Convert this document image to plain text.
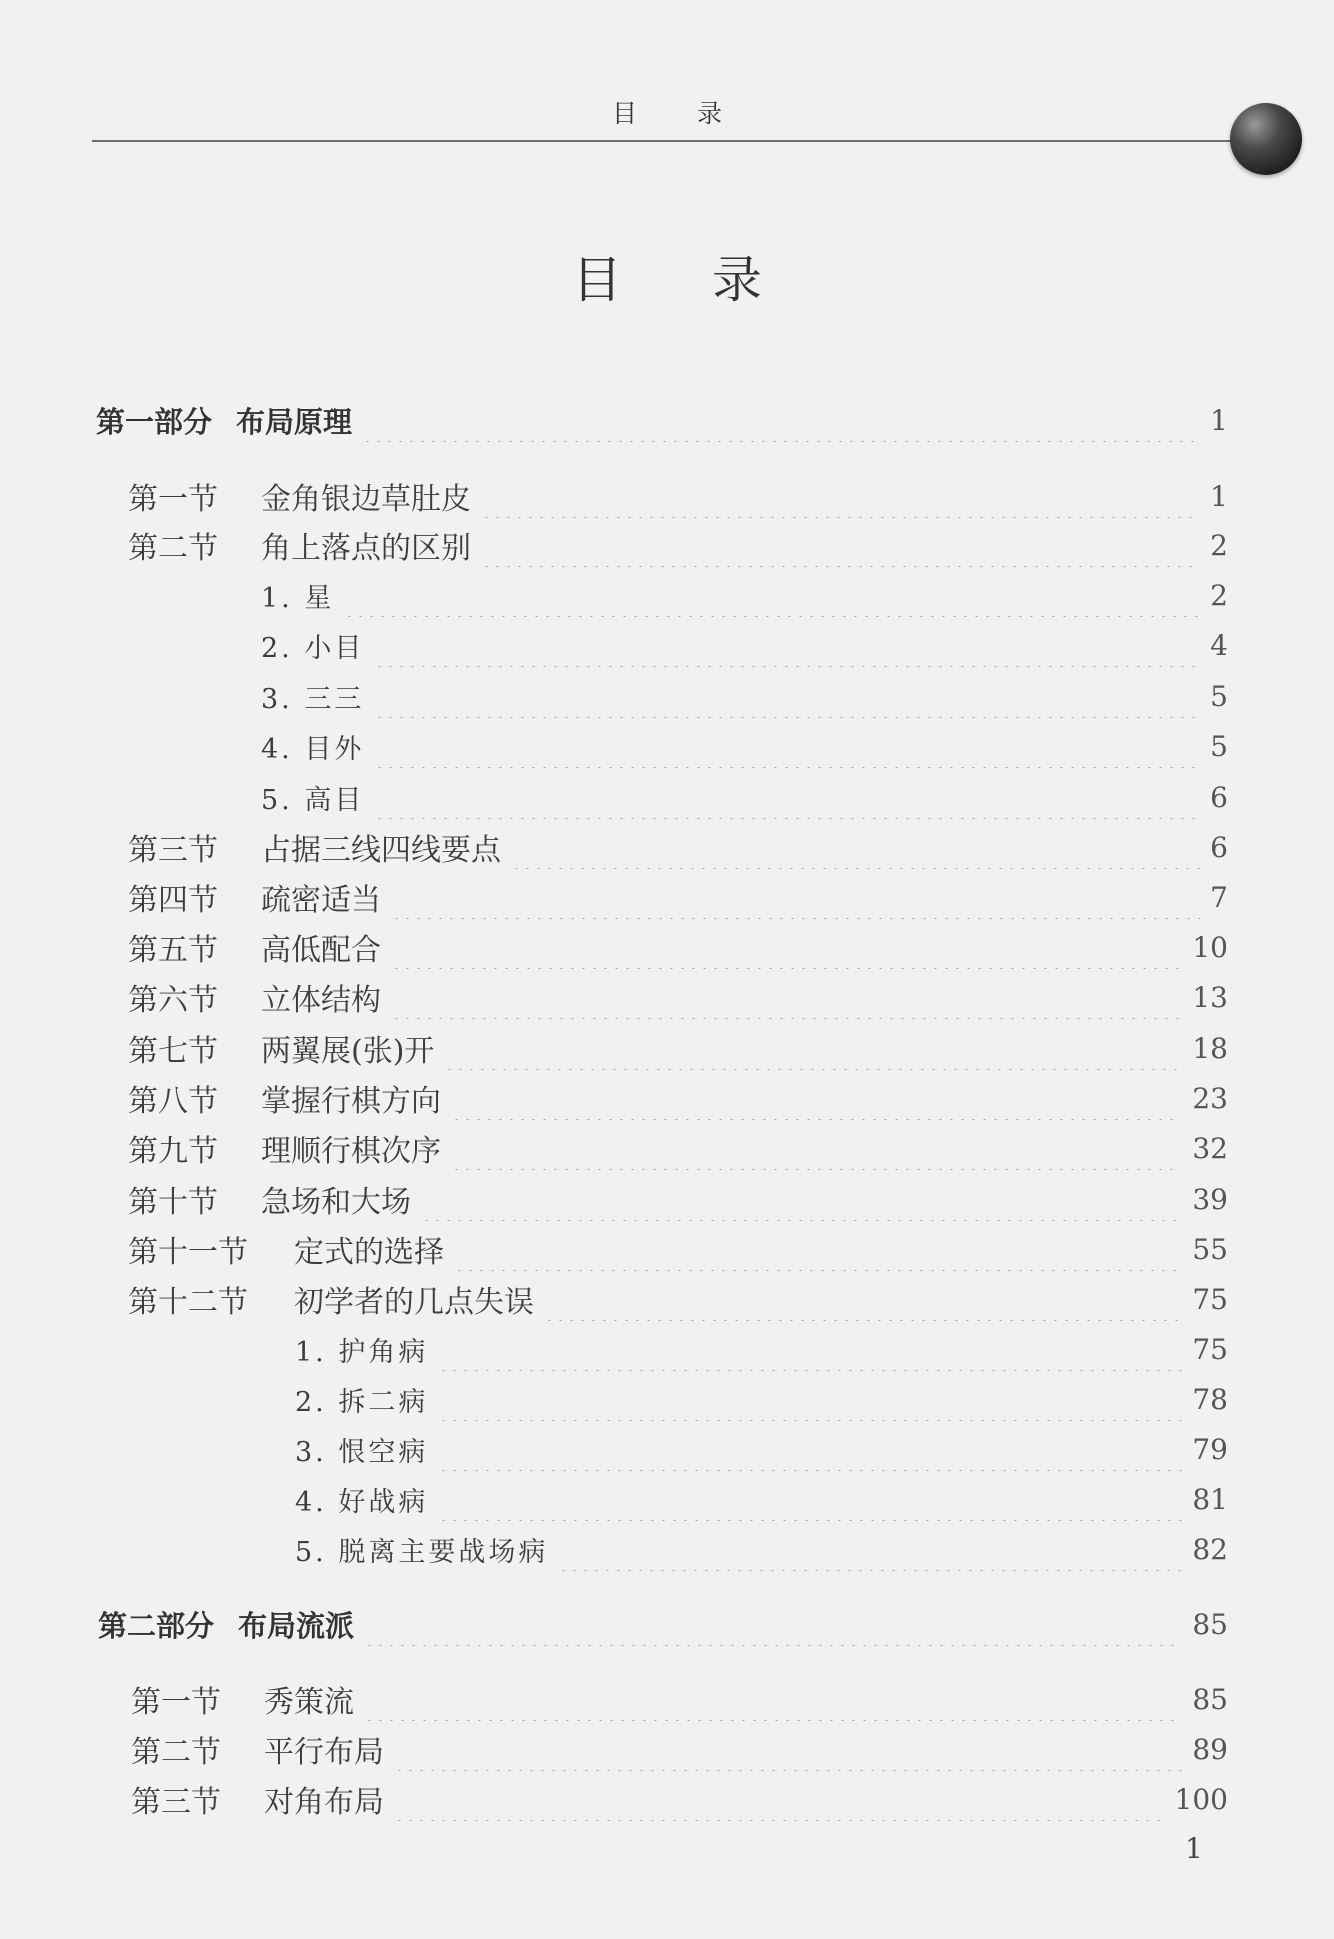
目 录
目 录
第一部分 布局原理	1
第一节	金角银边草肚皮	1
第二节	角上落点的区别	2
1. 星	2
2. 小目	4
3. 三三	5
4. 目外	5
5. 高目	6
第三节	占据三线四线要点	6
第四节	疏密适当	7
第五节	高低配合	10
第六节	立体结构	13
第七节	两翼展(张)开	18
第八节	掌握行棋方向	23
第九节	理顺行棋次序	32
第十节	急场和大场	39
第十一节	定式的选择	55
第十二节	初学者的几点失误	75
1. 护角病	75
2. 拆二病	78
3. 恨空病	79
4. 好战病	81
5. 脱离主要战场病	82
第二部分 布局流派	85
第一节	秀策流	85
第二节	平行布局	89
第三节	对角布局	100
1
